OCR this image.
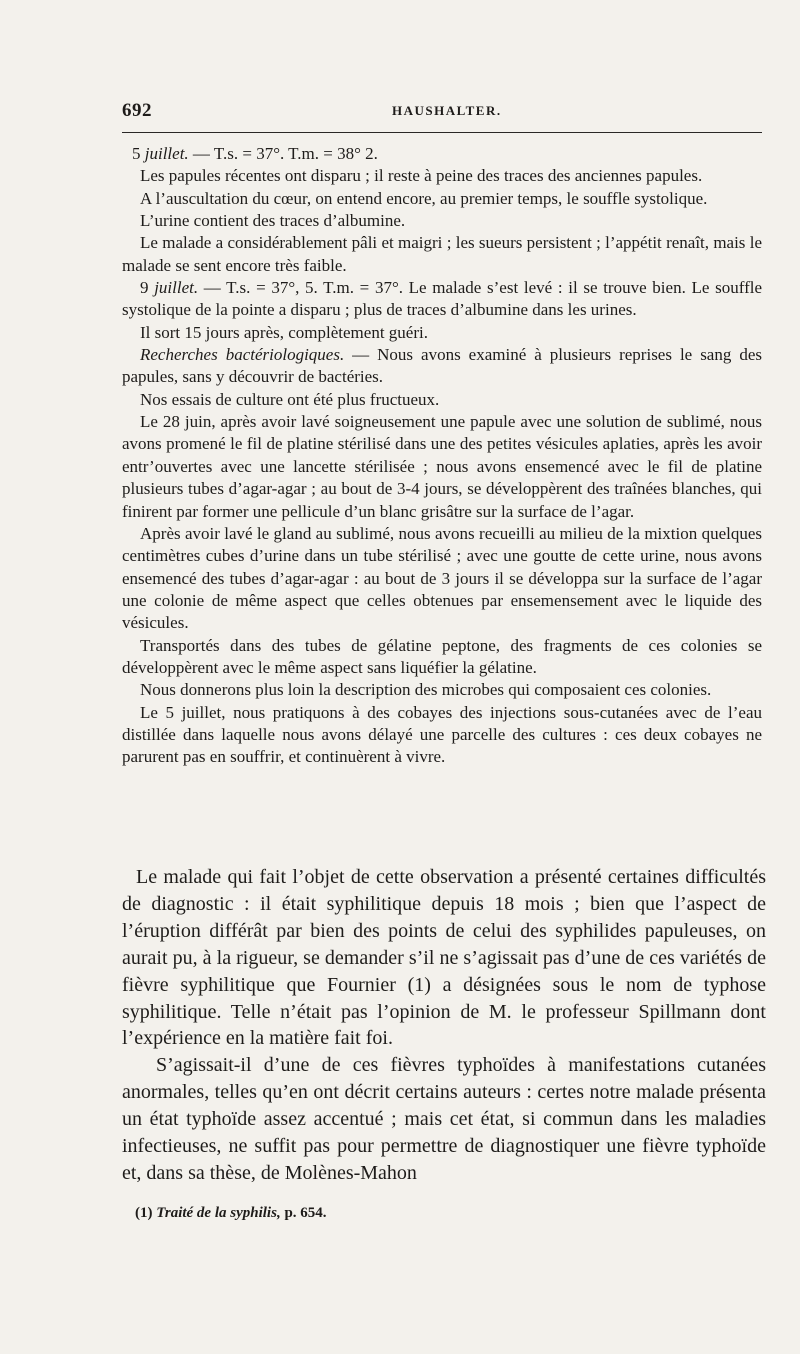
692	HAUSHALTER.

5 juillet. — T.s. = 37°. T.m. = 38° 2.

Les papules récentes ont disparu ; il reste à peine des traces des anciennes papules.

A l’auscultation du cœur, on entend encore, au premier temps, le souffle systolique.

L’urine contient des traces d’albumine.

Le malade a considérablement pâli et maigri ; les sueurs persistent ; l’appétit renaît, mais le malade se sent encore très faible.

9 juillet. — T.s. = 37°, 5. T.m. = 37°. Le malade s’est levé : il se trouve bien. Le souffle systolique de la pointe a disparu ; plus de traces d’albumine dans les urines.

Il sort 15 jours après, complètement guéri.

Recherches bactériologiques. — Nous avons examiné à plusieurs reprises le sang des papules, sans y découvrir de bactéries.

Nos essais de culture ont été plus fructueux.

Le 28 juin, après avoir lavé soigneusement une papule avec une solution de sublimé, nous avons promené le fil de platine stérilisé dans une des petites vésicules aplaties, après les avoir entr’ouvertes avec une lancette stérilisée ; nous avons ensemencé avec le fil de platine plusieurs tubes d’agar-agar ; au bout de 3-4 jours, se développèrent des traînées blanches, qui finirent par former une pellicule d’un blanc grisâtre sur la surface de l’agar.

Après avoir lavé le gland au sublimé, nous avons recueilli au milieu de la mixtion quelques centimètres cubes d’urine dans un tube stérilisé ; avec une goutte de cette urine, nous avons ensemencé des tubes d’agar-agar : au bout de 3 jours il se développa sur la surface de l’agar une colonie de même aspect que celles obtenues par ensemensement avec le liquide des vésicules.

Transportés dans des tubes de gélatine peptone, des fragments de ces colonies se développèrent avec le même aspect sans liquéfier la gélatine.

Nous donnerons plus loin la description des microbes qui composaient ces colonies.

Le 5 juillet, nous pratiquons à des cobayes des injections sous-cutanées avec de l’eau distillée dans laquelle nous avons délayé une parcelle des cultures : ces deux cobayes ne parurent pas en souffrir, et continuèrent à vivre.

Le malade qui fait l’objet de cette observation a présenté certaines difficultés de diagnostic : il était syphilitique depuis 18 mois ; bien que l’aspect de l’éruption différât par bien des points de celui des syphilides papuleuses, on aurait pu, à la rigueur, se demander s’il ne s’agissait pas d’une de ces variétés de fièvre syphilitique que Fournier (1) a désignées sous le nom de typhose syphilitique. Telle n’était pas l’opinion de M. le professeur Spillmann dont l’expérience en la matière fait foi.

S’agissait-il d’une de ces fièvres typhoïdes à manifestations cutanées anormales, telles qu’en ont décrit certains auteurs : certes notre malade présenta un état typhoïde assez accentué ; mais cet état, si commun dans les maladies infectieuses, ne suffit pas pour permettre de diagnostiquer une fièvre typhoïde et, dans sa thèse, de Molènes-Mahon

(1) Traité de la syphilis, p. 654.
